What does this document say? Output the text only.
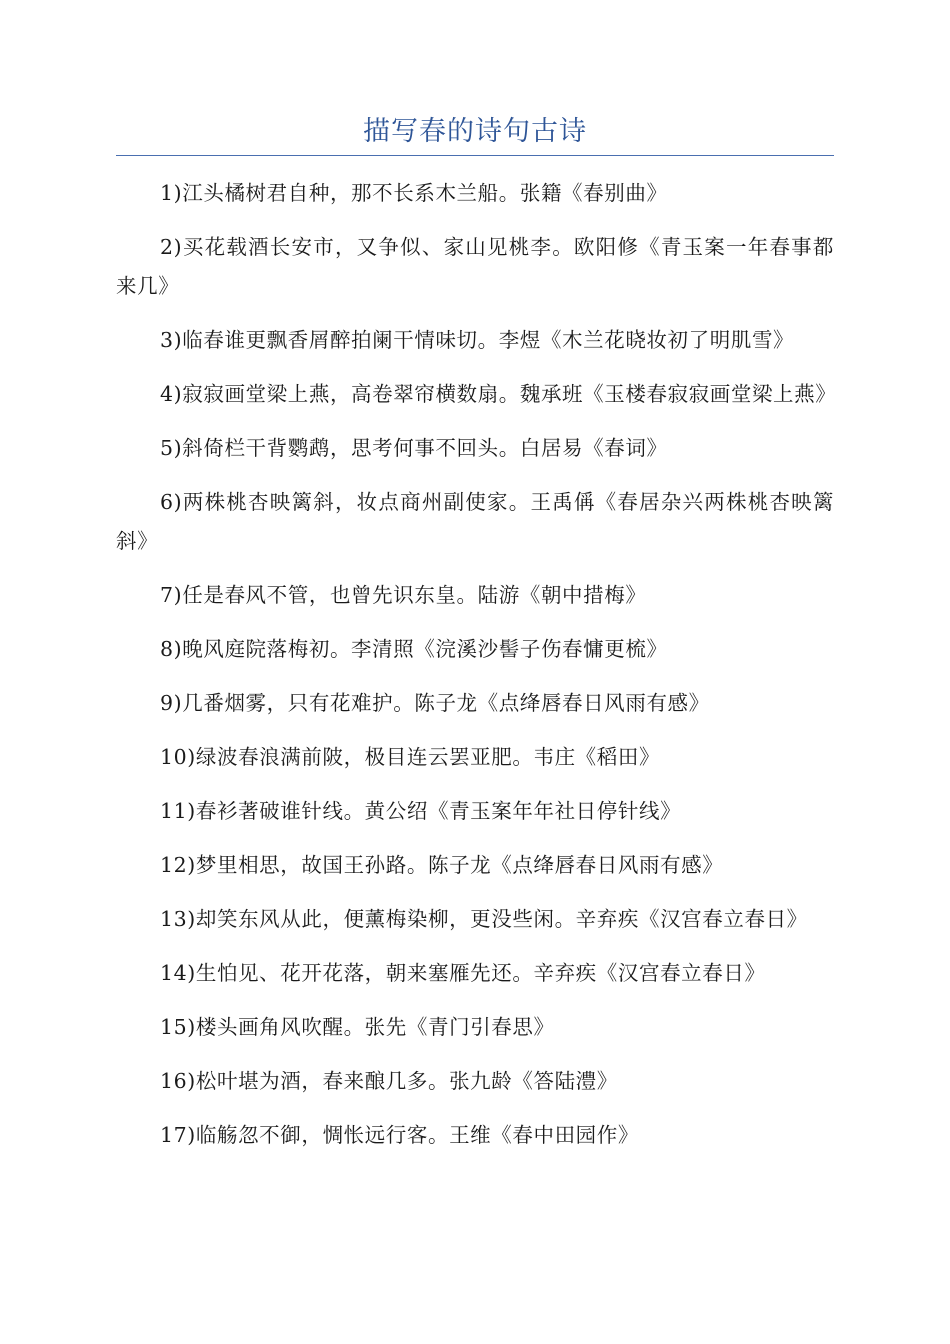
描写春的诗句古诗

1)江头橘树君自种，那不长系木兰船。张籍《春别曲》

2)买花载酒长安市，又争似、家山见桃李。欧阳修《青玉案一年春事都来几》

3)临春谁更飘香屑醉拍阑干情味切。李煜《木兰花晓妆初了明肌雪》

4)寂寂画堂梁上燕，高卷翠帘横数扇。魏承班《玉楼春寂寂画堂梁上燕》

5)斜倚栏干背鹦鹉，思考何事不回头。白居易《春词》

6)两株桃杏映篱斜，妆点商州副使家。王禹偁《春居杂兴两株桃杏映篱斜》

7)任是春风不管，也曾先识东皇。陆游《朝中措梅》

8)晚风庭院落梅初。李清照《浣溪沙髻子伤春慵更梳》

9)几番烟雾，只有花难护。陈子龙《点绛唇春日风雨有感》

10)绿波春浪满前陂，极目连云罢亚肥。韦庄《稻田》

11)春衫著破谁针线。黄公绍《青玉案年年社日停针线》

12)梦里相思，故国王孙路。陈子龙《点绛唇春日风雨有感》

13)却笑东风从此，便薰梅染柳，更没些闲。辛弃疾《汉宫春立春日》

14)生怕见、花开花落，朝来塞雁先还。辛弃疾《汉宫春立春日》

15)楼头画角风吹醒。张先《青门引春思》

16)松叶堪为酒，春来酿几多。张九龄《答陆澧》

17)临觞忽不御，惆怅远行客。王维《春中田园作》
